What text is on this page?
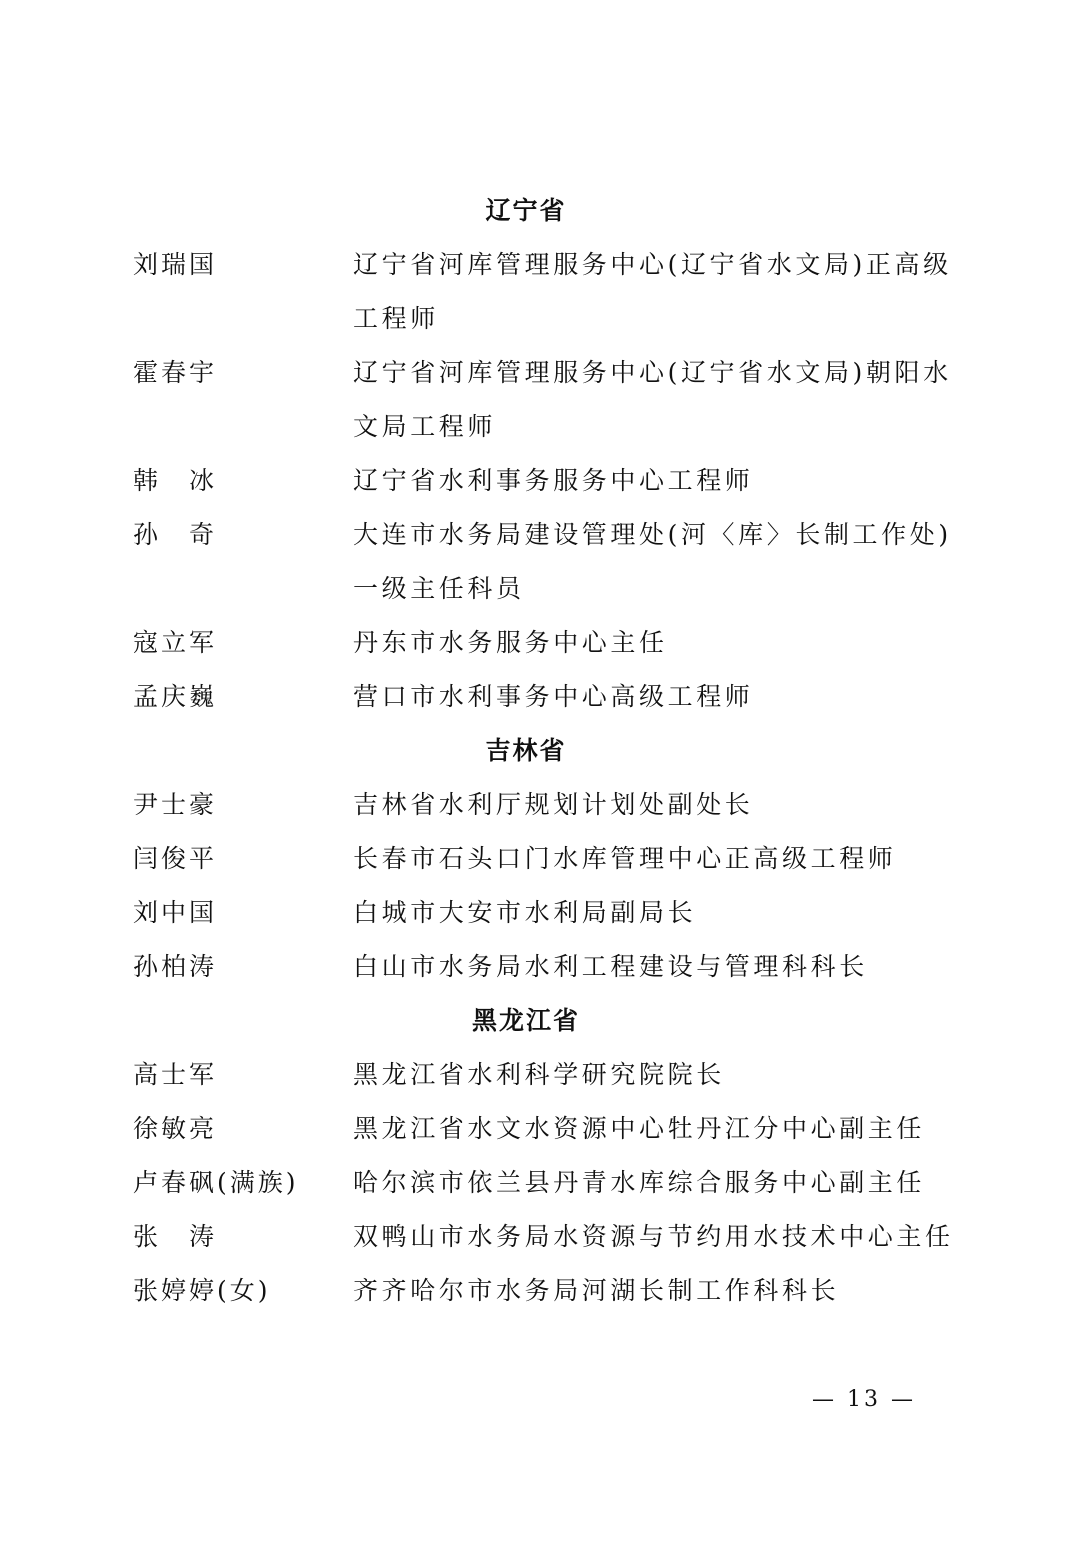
辽宁省
刘瑞国	辽宁省河库管理服务中心(辽宁省水文局)正高级工程师
霍春宇	辽宁省河库管理服务中心(辽宁省水文局)朝阳水文局工程师
韩　冰	辽宁省水利事务服务中心工程师
孙　奇	大连市水务局建设管理处(河〈库〉长制工作处)一级主任科员
寇立军	丹东市水务服务中心主任
孟庆巍	营口市水利事务中心高级工程师
吉林省
尹士豪	吉林省水利厅规划计划处副处长
闫俊平	长春市石头口门水库管理中心正高级工程师
刘中国	白城市大安市水利局副局长
孙柏涛	白山市水务局水利工程建设与管理科科长
黑龙江省
高士军	黑龙江省水利科学研究院院长
徐敏亮	黑龙江省水文水资源中心牡丹江分中心副主任
卢春砜(满族)	哈尔滨市依兰县丹青水库综合服务中心副主任
张　涛	双鸭山市水务局水资源与节约用水技术中心主任
张婷婷(女)	齐齐哈尔市水务局河湖长制工作科科长
— 13 —
